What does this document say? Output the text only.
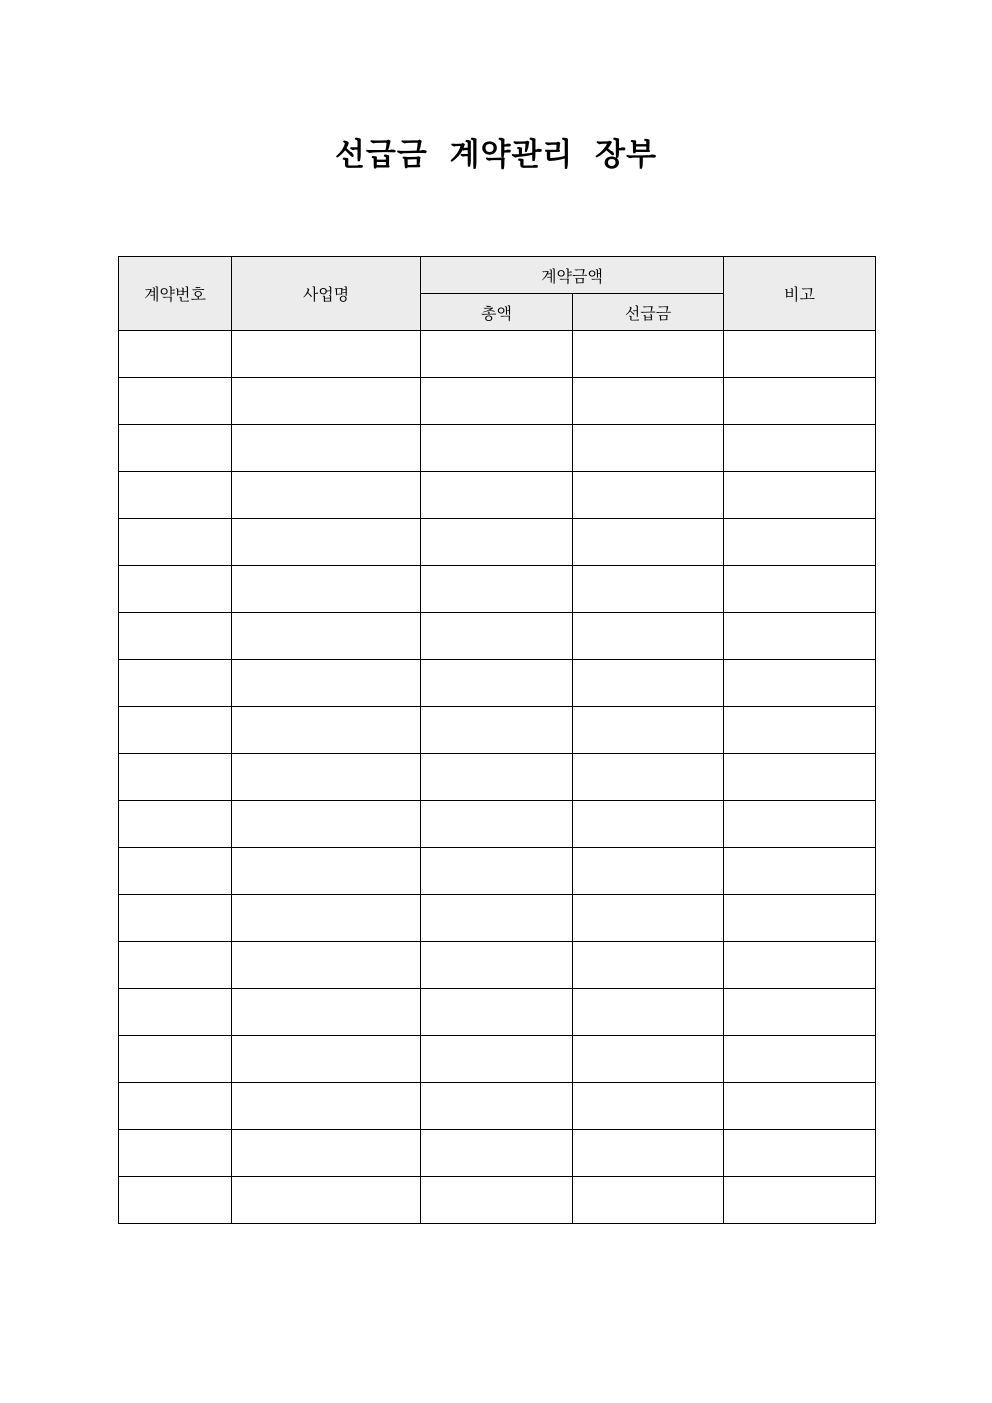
선급금 계약관리 장부
계약번호	사업명	계약금액		비고
		총액	선급금	
